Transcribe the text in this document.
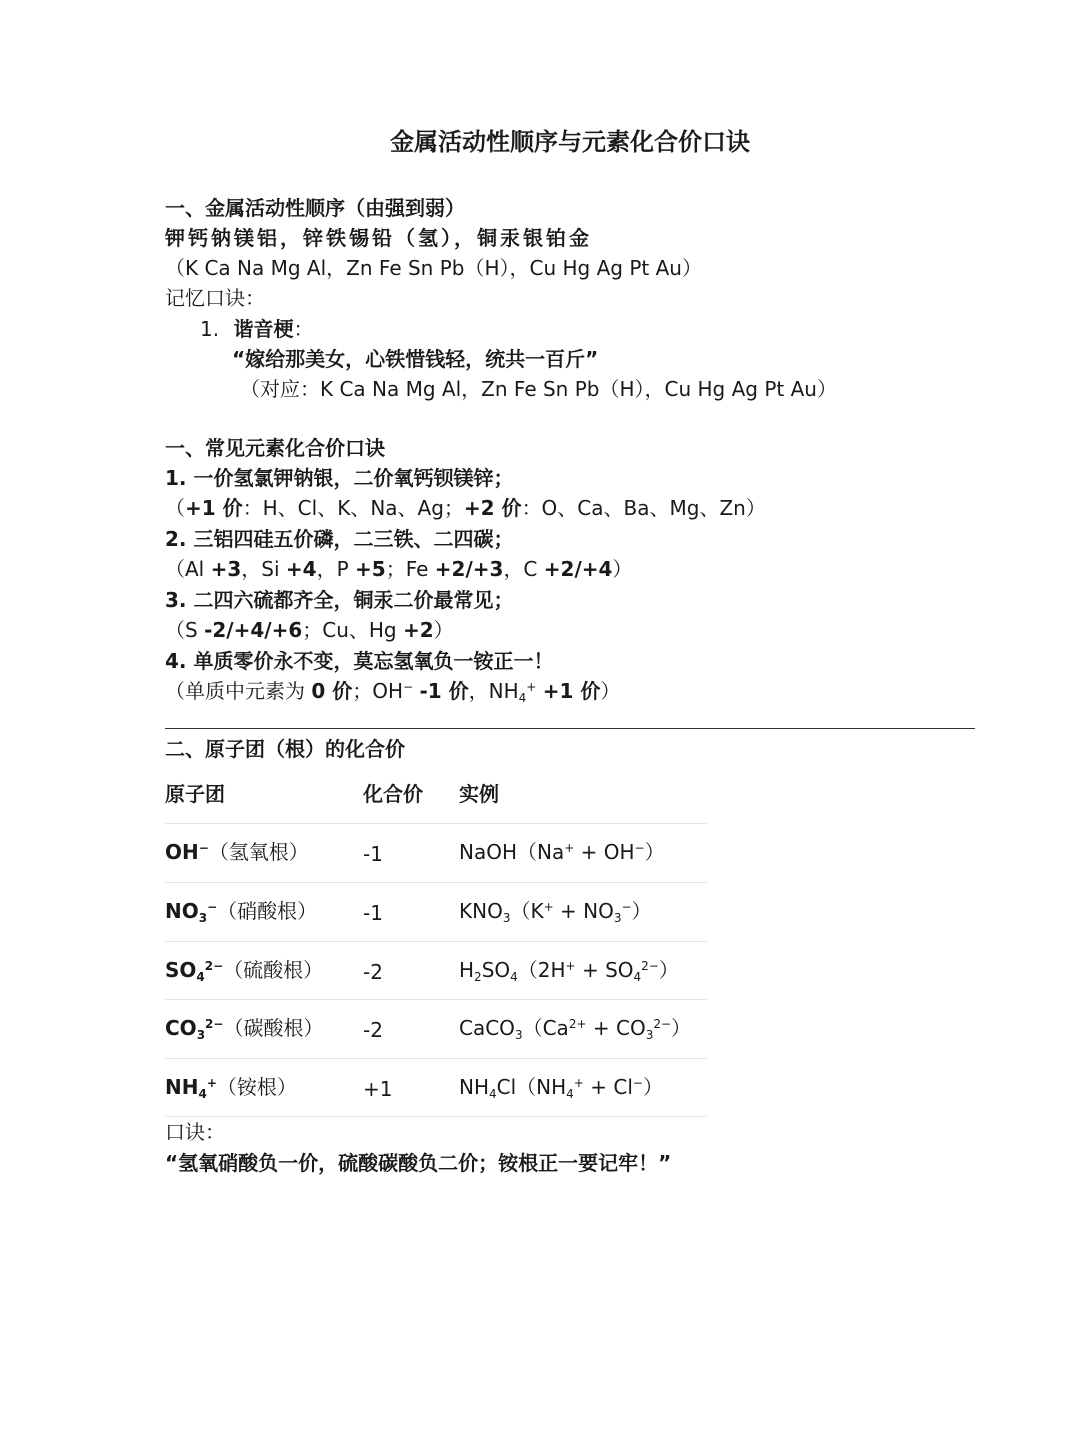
金属活动性顺序与元素化合价口诀
一、金属活动性顺序（由强到弱）
钾钙钠镁铝，锌铁锡铅（氢），铜汞银铂金
（K Ca Na Mg Al，Zn Fe Sn Pb（H），Cu Hg Ag Pt Au）
记忆口诀：
1. 谐音梗：
“嫁给那美女，心铁惜钱轻，统共一百斤”
（对应：K Ca Na Mg Al，Zn Fe Sn Pb（H），Cu Hg Ag Pt Au）
一、常见元素化合价口诀
1. 一价氢氯钾钠银，二价氧钙钡镁锌；
（+1 价：H、Cl、K、Na、Ag；+2 价：O、Ca、Ba、Mg、Zn）
2. 三铝四硅五价磷，二三铁、二四碳；
（Al +3，Si +4，P +5；Fe +2/+3，C +2/+4）
3. 二四六硫都齐全，铜汞二价最常见；
（S -2/+4/+6；Cu、Hg +2）
4. 单质零价永不变，莫忘氢氧负一铵正一！
（单质中元素为 0 价；OH− -1 价，$NH_4^+ +1$ 价）
二、原子团（根）的化合价
原子团	化合价 实例
OH−（氢氧根）	-1	NaOH（Na+ + OH−）
$NO_3^-$（硝酸根） -1	$KNO_3(K^+ + NO_3^-)$
$SO_4^{2-}$（硫酸根） -2	$H_2SO_4(2H^+ + SO_4^{2-})$
$CO_3^{2-}$（碳酸根） -2	$CaCO_3(Ca^{2+} + CO_3^{2-})$
$NH_4^+$（铵根）	+1	$NH_4Cl(NH_4^+ + Cl^-)$
口诀：
“氢氧硝酸负一价，硫酸碳酸负二价；铵根正一要记牢！”
